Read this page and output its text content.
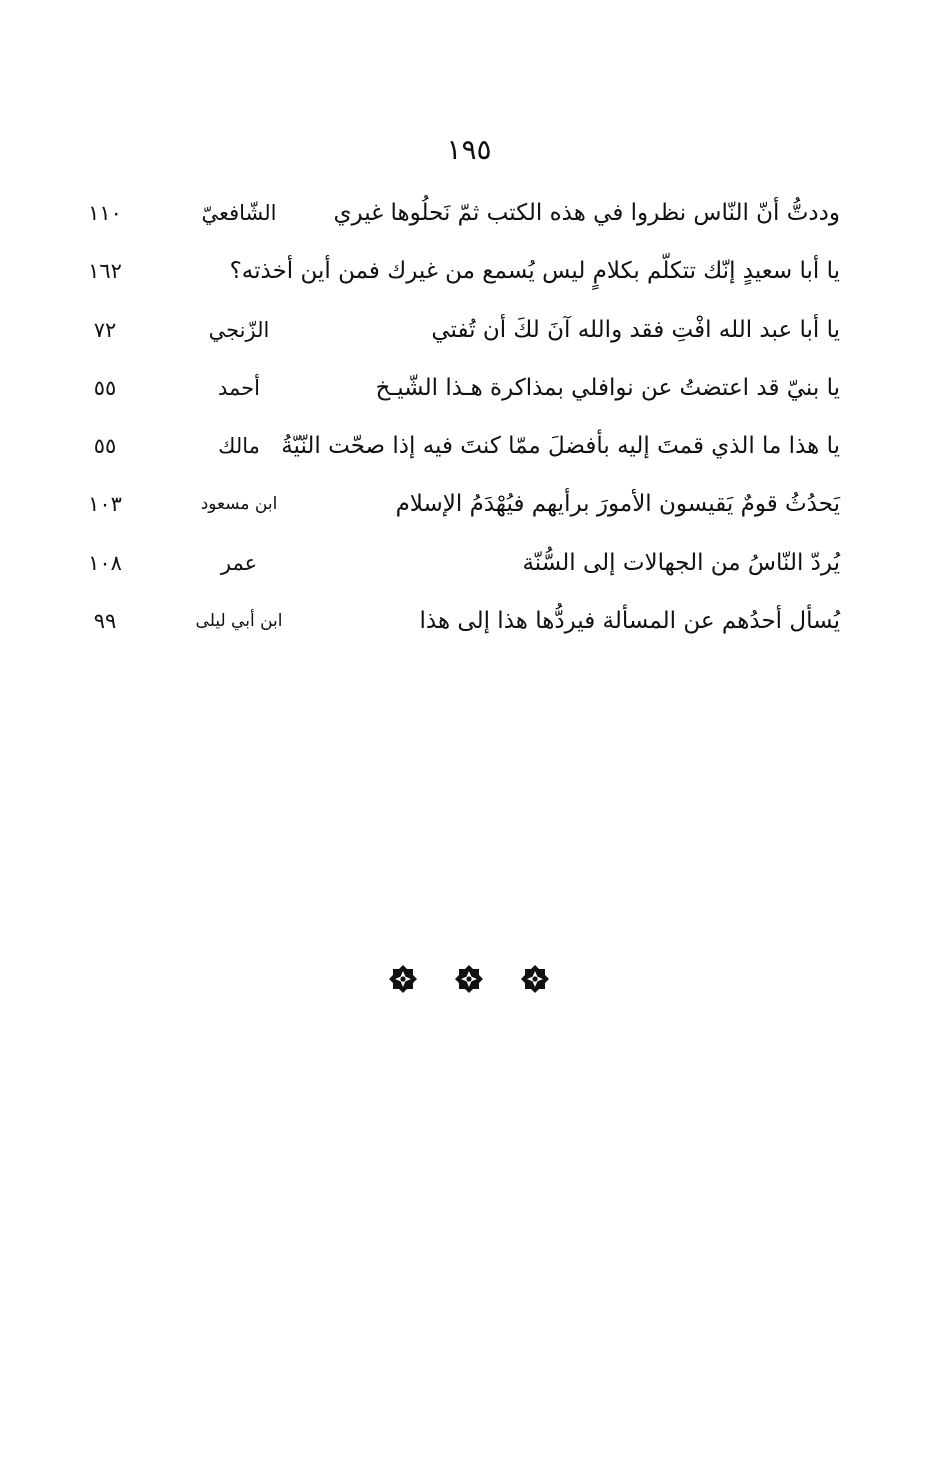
١٩٥
وددتُّ أنّ النّاس نظروا في هذه الكتب ثمّ نَحلُوها غيري
الشّافعيّ
١١٠
يا أبا سعيدٍ إنّك تتكلّم بكلامٍ ليس يُسمع من غيرك فمن أين أخذته؟
١٦٢
يا أبا عبد الله افْتِ فقد والله آنَ لكَ أن تُفتي
الزّنجي
٧٢
يا بنيّ قد اعتضتُ عن نوافلي بمذاكرة هـذا الشّيـخ
أحمد
٥٥
يا هذا ما الذي قمتَ إليه بأفضلَ ممّا كنتَ فيه إذا صحّت النّيّةُ
مالك
٥٥
يَحدُثُ قومٌ يَقيسون الأمورَ برأيهم فيُهْدَمُ الإسلام
ابن مسعود
١٠٣
يُردّ النّاسُ من الجهالات إلى السُّنّة
عمر
١٠٨
يُسأل أحدُهم عن المسألة فيردُّها هذا إلى هذا
ابن أبي ليلى
٩٩
